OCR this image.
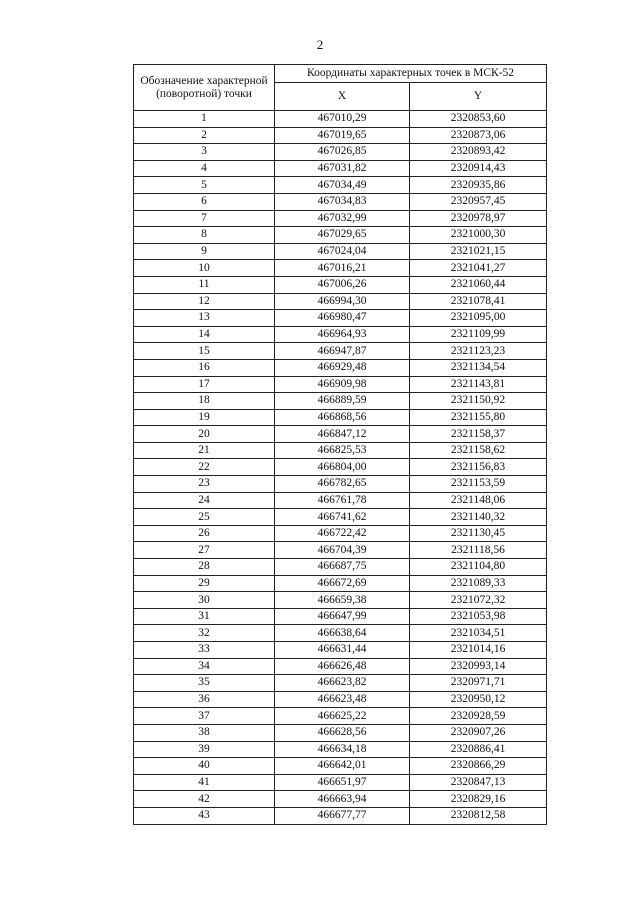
2
Обозначение характерной (поворотной) точки	Координаты характерных точек в МСК-52	
	X	Y
1	467010,29	2320853,60
2	467019,65	2320873,06
3	467026,85	2320893,42
4	467031,82	2320914,43
5	467034,49	2320935,86
6	467034,83	2320957,45
7	467032,99	2320978,97
8	467029,65	2321000,30
9	467024,04	2321021,15
10	467016,21	2321041,27
11	467006,26	2321060,44
12	466994,30	2321078,41
13	466980,47	2321095,00
14	466964,93	2321109,99
15	466947,87	2321123,23
16	466929,48	2321134,54
17	466909,98	2321143,81
18	466889,59	2321150,92
19	466868,56	2321155,80
20	466847,12	2321158,37
21	466825,53	2321158,62
22	466804,00	2321156,83
23	466782,65	2321153,59
24	466761,78	2321148,06
25	466741,62	2321140,32
26	466722,42	2321130,45
27	466704,39	2321118,56
28	466687,75	2321104,80
29	466672,69	2321089,33
30	466659,38	2321072,32
31	466647,99	2321053,98
32	466638,64	2321034,51
33	466631,44	2321014,16
34	466626,48	2320993,14
35	466623,82	2320971,71
36	466623,48	2320950,12
37	466625,22	2320928,59
38	466628,56	2320907,26
39	466634,18	2320886,41
40	466642,01	2320866,29
41	466651,97	2320847,13
42	466663,94	2320829,16
43	466677,77	2320812,58
